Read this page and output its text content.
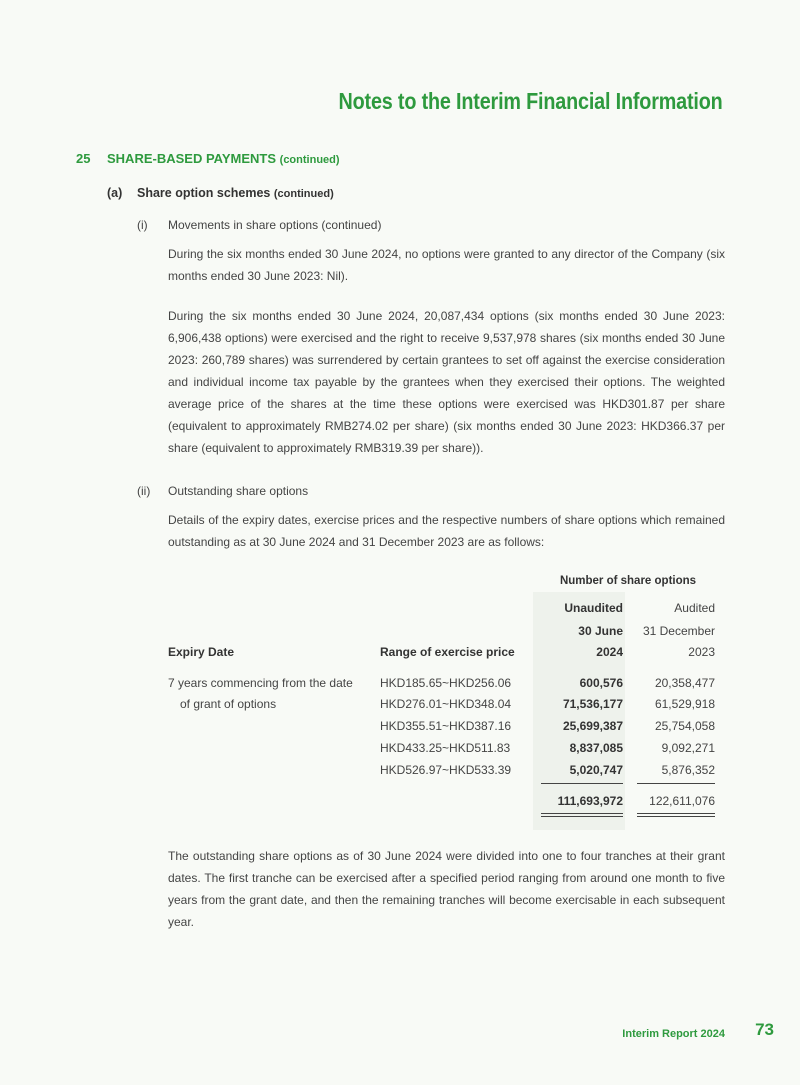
Notes to the Interim Financial Information
25 SHARE-BASED PAYMENTS (continued)
(a) Share option schemes (continued)
(i) Movements in share options (continued)

During the six months ended 30 June 2024, no options were granted to any director of the Company (six months ended 30 June 2023: Nil).

During the six months ended 30 June 2024, 20,087,434 options (six months ended 30 June 2023: 6,906,438 options) were exercised and the right to receive 9,537,978 shares (six months ended 30 June 2023: 260,789 shares) was surrendered by certain grantees to set off against the exercise consideration and individual income tax payable by the grantees when they exercised their options. The weighted average price of the shares at the time these options were exercised was HKD301.87 per share (equivalent to approximately RMB274.02 per share) (six months ended 30 June 2023: HKD366.37 per share (equivalent to approximately RMB319.39 per share)).

(ii) Outstanding share options

Details of the expiry dates, exercise prices and the respective numbers of share options which remained outstanding as at 30 June 2024 and 31 December 2023 are as follows:

Number of share options
Unaudited	Audited
30 June	31 December
Expiry Date	Range of exercise price	2024	2023
7 years commencing from the date
of grant of options
HKD185.65~HKD256.06	600,576	20,358,477
HKD276.01~HKD348.04	71,536,177	61,529,918
HKD355.51~HKD387.16	25,699,387	25,754,058
HKD433.25~HKD511.83	8,837,085	9,092,271
HKD526.97~HKD533.39	5,020,747	5,876,352
111,693,972	122,611,076

The outstanding share options as of 30 June 2024 were divided into one to four tranches at their grant dates. The first tranche can be exercised after a specified period ranging from around one month to five years from the grant date, and then the remaining tranches will become exercisable in each subsequent year.

Interim Report 2024 73
